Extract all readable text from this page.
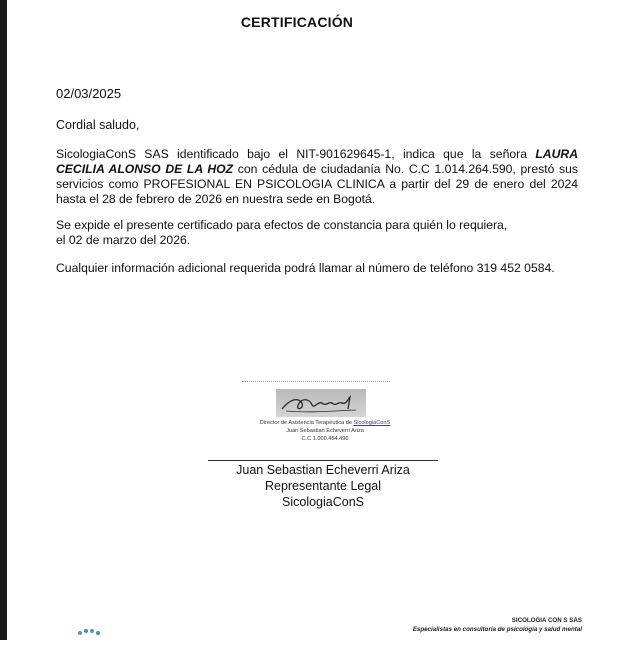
CERTIFICACIÓN
02/03/2025
Cordial saludo,
SicologiaConS SAS identificado bajo el NIT-901629645-1, indica que la señora LAURA CECILIA ALONSO DE LA HOZ con cédula de ciudadanía No. C.C 1.014.264.590, prestó sus servicios como PROFESIONAL EN PSICOLOGIA CLINICA a partir del 29 de enero del 2024 hasta el 28 de febrero de 2026 en nuestra sede en Bogotá.
Se expide el presente certificado para efectos de constancia para quién lo requiera,
el 02 de marzo del 2026.
Cualquier información adicional requerida podrá llamar al número de teléfono 319 452 0584.
Director de Asistencia Terapéutica de SicologiaConS
Juan Sebastian Echeverri Ariza
C.C 1.000.454.496
Juan Sebastian Echeverri Ariza
Representante Legal
SicologiaConS
SICOLOGIA CON S SAS
Especialistas en consultoría de psicología y salud mental
